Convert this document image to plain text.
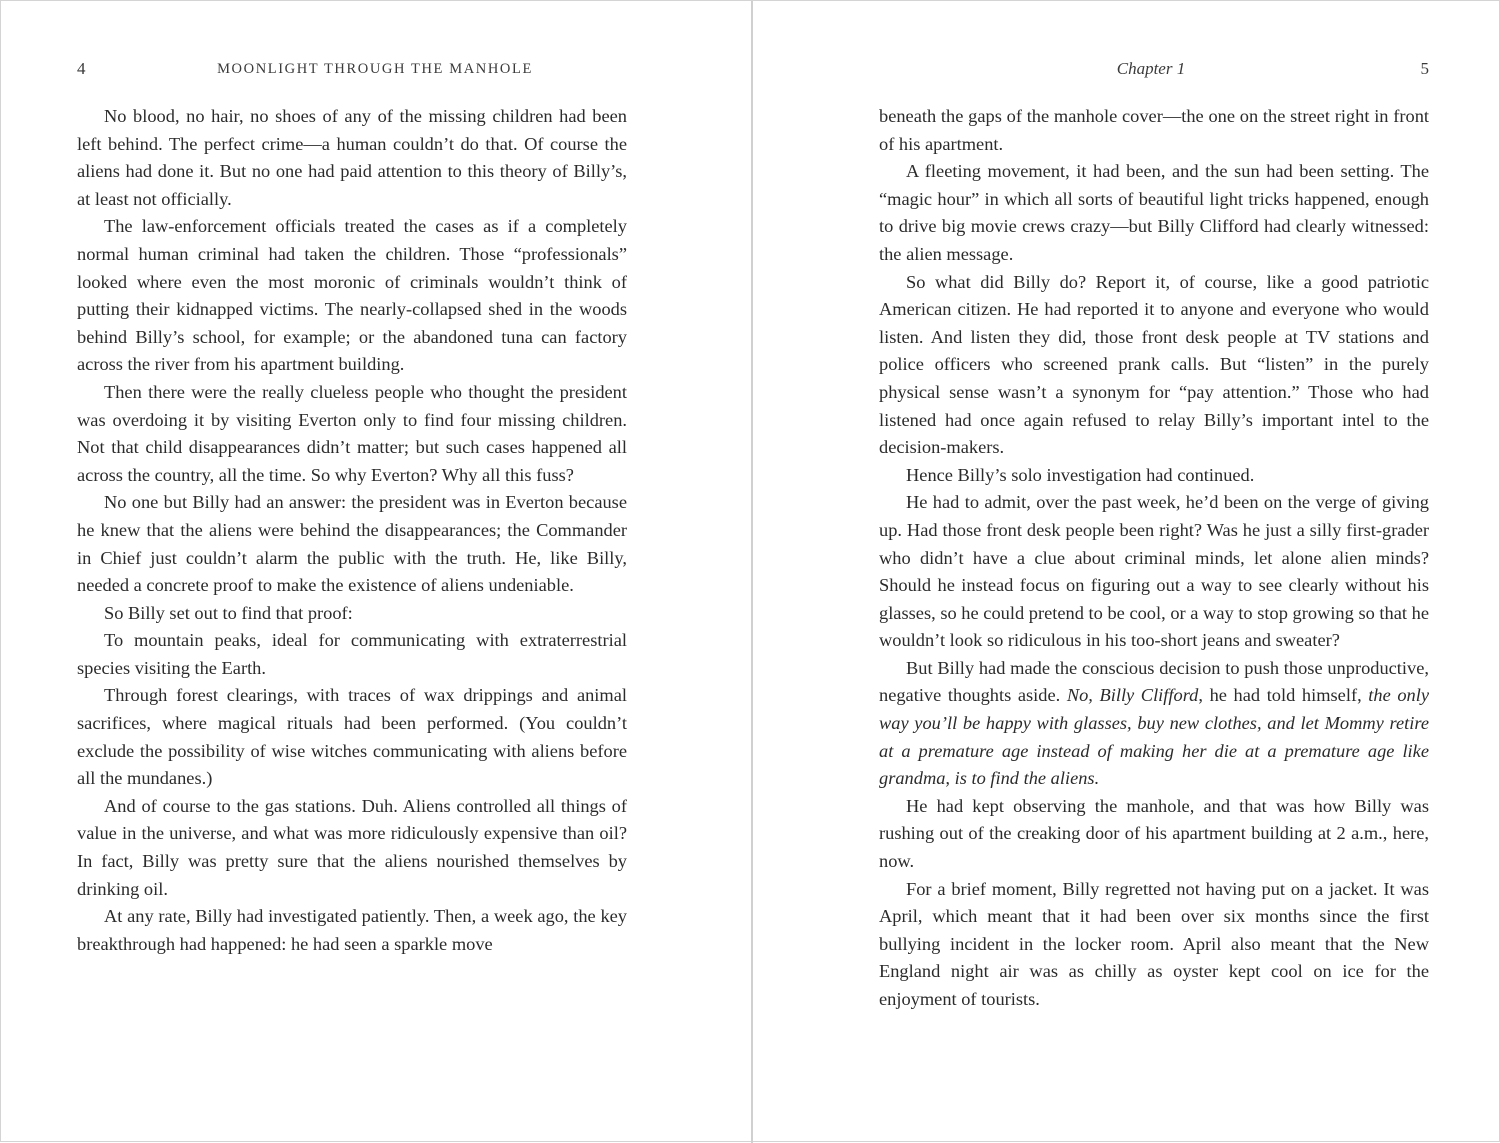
4	MOONLIGHT THROUGH THE MANHOLE

No blood, no hair, no shoes of any of the missing children had been left behind. The perfect crime—a human couldn’t do that. Of course the aliens had done it. But no one had paid attention to this theory of Billy’s, at least not officially.

The law-enforcement officials treated the cases as if a completely normal human criminal had taken the children. Those “professionals” looked where even the most moronic of criminals wouldn’t think of putting their kidnapped victims. The nearly-collapsed shed in the woods behind Billy’s school, for example; or the abandoned tuna can factory across the river from his apartment building.

Then there were the really clueless people who thought the president was overdoing it by visiting Everton only to find four missing children. Not that child disappearances didn’t matter; but such cases happened all across the country, all the time. So why Everton? Why all this fuss?

No one but Billy had an answer: the president was in Everton because he knew that the aliens were behind the disappearances; the Commander in Chief just couldn’t alarm the public with the truth. He, like Billy, needed a concrete proof to make the existence of aliens undeniable.

So Billy set out to find that proof:

To mountain peaks, ideal for communicating with extraterrestrial species visiting the Earth.

Through forest clearings, with traces of wax drippings and animal sacrifices, where magical rituals had been performed. (You couldn’t exclude the possibility of wise witches communicating with aliens before all the mundanes.)

And of course to the gas stations. Duh. Aliens controlled all things of value in the universe, and what was more ridiculously expensive than oil? In fact, Billy was pretty sure that the aliens nourished themselves by drinking oil.

At any rate, Billy had investigated patiently. Then, a week ago, the key breakthrough had happened: he had seen a sparkle move

Chapter 1	5

beneath the gaps of the manhole cover—the one on the street right in front of his apartment.

A fleeting movement, it had been, and the sun had been setting. The “magic hour” in which all sorts of beautiful light tricks happened, enough to drive big movie crews crazy—but Billy Clifford had clearly witnessed: the alien message.

So what did Billy do? Report it, of course, like a good patriotic American citizen. He had reported it to anyone and everyone who would listen. And listen they did, those front desk people at TV stations and police officers who screened prank calls. But “listen” in the purely physical sense wasn’t a synonym for “pay attention.” Those who had listened had once again refused to relay Billy’s important intel to the decision-makers.

Hence Billy’s solo investigation had continued.

He had to admit, over the past week, he’d been on the verge of giving up. Had those front desk people been right? Was he just a silly first-grader who didn’t have a clue about criminal minds, let alone alien minds? Should he instead focus on figuring out a way to see clearly without his glasses, so he could pretend to be cool, or a way to stop growing so that he wouldn’t look so ridiculous in his too-short jeans and sweater?

But Billy had made the conscious decision to push those unproductive, negative thoughts aside. No, Billy Clifford, he had told himself, the only way you’ll be happy with glasses, buy new clothes, and let Mommy retire at a premature age instead of making her die at a premature age like grandma, is to find the aliens.

He had kept observing the manhole, and that was how Billy was rushing out of the creaking door of his apartment building at 2 a.m., here, now.

For a brief moment, Billy regretted not having put on a jacket. It was April, which meant that it had been over six months since the first bullying incident in the locker room. April also meant that the New England night air was as chilly as oyster kept cool on ice for the enjoyment of tourists.
